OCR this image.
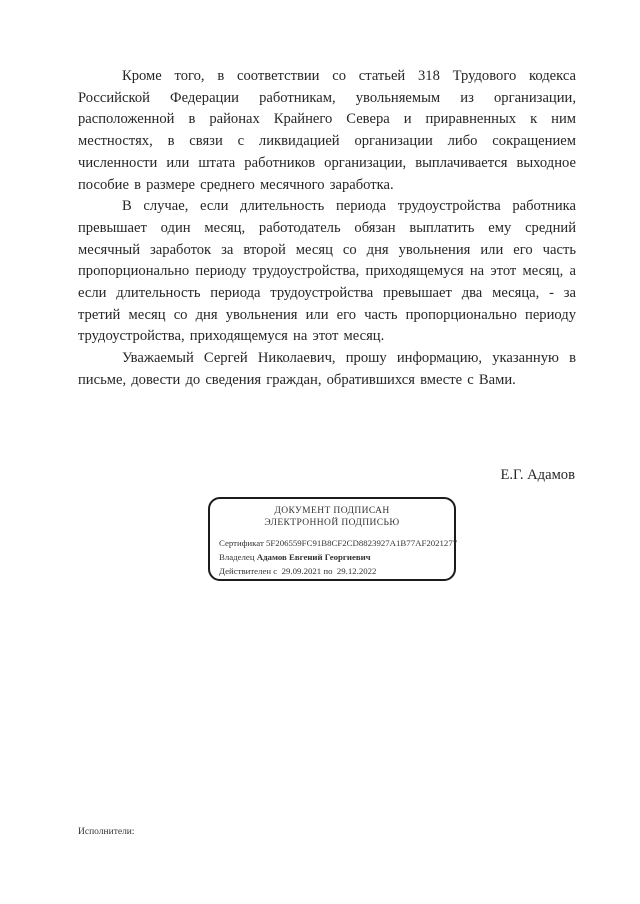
Кроме того, в соответствии со статьей 318 Трудового кодекса Российской Федерации работникам, увольняемым из организации, расположенной в районах Крайнего Севера и приравненных к ним местностях, в связи с ликвидацией организации либо сокращением численности или штата работников организации, выплачивается выходное пособие в размере среднего месячного заработка.

В случае, если длительность периода трудоустройства работника превышает один месяц, работодатель обязан выплатить ему средний месячный заработок за второй месяц со дня увольнения или его часть пропорционально периоду трудоустройства, приходящемуся на этот месяц, а если длительность периода трудоустройства превышает два месяца, - за третий месяц со дня увольнения или его часть пропорционально периоду трудоустройства, приходящемуся на этот месяц.

Уважаемый Сергей Николаевич, прошу информацию, указанную в письме, довести до сведения граждан, обратившихся вместе с Вами.

Е.Г. Адамов
ДОКУМЕНТ ПОДПИСАН
ЭЛЕКТРОННОЙ ПОДПИСЬЮ
Сертификат 5F206559FC91B8CF2CD8823927A1B77AF2021277
Владелец Адамов Евгений Георгиевич
Действителен с  29.09.2021 по  29.12.2022
Исполнители:
